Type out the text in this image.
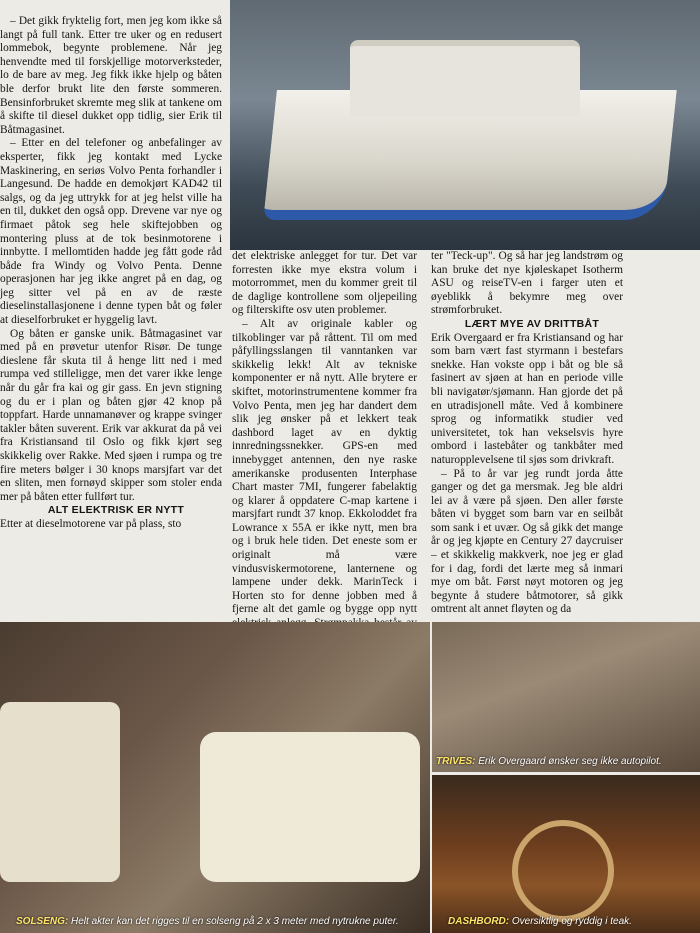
– Det gikk fryktelig fort, men jeg kom ikke så langt på full tank. Etter tre uker og en redusert lommebok, begynte problemene. Når jeg henvendte med til forskjellige motorverksteder, lo de bare av meg. Jeg fikk ikke hjelp og båten ble derfor brukt lite den første sommeren. Bensinforbruket skremte meg slik at tankene om å skifte til diesel dukket opp tidlig, sier Erik til Båtmagasinet.

– Etter en del telefoner og anbefalinger av eksperter, fikk jeg kontakt med Lycke Maskinering, en seriøs Volvo Penta forhandler i Langesund. De hadde en demokjørt KAD42 til salgs, og da jeg uttrykk for at jeg helst ville ha en til, dukket den også opp. Drevene var nye og firmaet påtok seg hele skiftejobben og montering pluss at de tok besinmotorene i innbytte. I mellomtiden hadde jeg fått gode råd både fra Windy og Volvo Penta. Denne operasjonen har jeg ikke angret på en dag, og jeg sitter vel på en av de ræste dieselinstallasjonene i denne typen båt og føler at dieselforbruket er hyggelig lavt.

Og båten er ganske unik. Båtmagasinet var med på en prøvetur utenfor Risør. De tunge dieslene får skuta til å henge litt ned i med rumpa ved stilleligge, men det varer ikke lenge når du går fra kai og gir gass. En jevn stigning og du er i plan og båten gjør 42 knop på toppfart. Harde unnamanøver og krappe svinger takler båten suverent. Erik var akkurat da på vei fra Kristiansand til Oslo og fikk kjørt seg skikkelig over Rakke. Med sjøen i rumpa og tre fire meters bølger i 30 knops marsjfart var det en sliten, men fornøyd skipper som stoler enda mer på båten etter fullført tur.

ALT ELEKTRISK ER NYTT

Etter at dieselmotorene var på plass, sto

det elektriske anlegget for tur. Det var forresten ikke mye ekstra volum i motorrommet, men du kommer greit til de daglige kontrollene som oljepeiling og filterskifte osv uten problemer.

– Alt av originale kabler og tilkoblinger var på råttent. Til om med påfyllingsslangen til vanntanken var skikkelig lekk! Alt av tekniske komponenter er nå nytt. Alle brytere er skiftet, motorinstrumentene kommer fra Volvo Penta, men jeg har dandert dem slik jeg ønsker på et lekkert teak dashbord laget av en dyktig innredningssnekker. GPS-en med innebygget antennen, den nye raske amerikanske produsenten Interphase Chart master 7MI, fungerer fabelaktig og klarer å oppdatere C-map kartene i marsjfart rundt 37 knop. Ekkoloddet fra Lowrance x 55A er ikke nytt, men bra og i bruk hele tiden. Det eneste som er originalt må være vindusviskermotorene, lanternene og lampene under dekk. MarinTeck i Horten sto for denne jobben med å fjerne alt det gamle og bygge opp nytt

ter "Teck-up". Og så har jeg landstrøm og kan bruke det nye kjøleskapet Isotherm ASU og reiseTV-en i farger uten et øyeblikk å bekymre meg over strømforbruket.

LÆRT MYE AV DRITTBÅT

Erik Overgaard er fra Kristiansand og har som barn vært fast styrmann i bestefars snekke. Han vokste opp i båt og ble så fasinert av sjøen at han en periode ville bli navigatør/sjømann. Han gjorde det på en utradisjonell måte. Ved å kombinere sprog og informatikk studier ved universitetet, tok han vekselsvis hyre ombord i lastebåter og tankbåter med naturopplevelsene til sjøs som drivkraft.

– På to år var jeg rundt jorda åtte ganger og det ga mersmak. Jeg ble aldri lei av å være på sjøen. Den aller første båten vi bygget som barn var en seilbåt som sank i et uvær. Og så gikk det mange år og jeg kjøpte en Century 27 daycruiser – et skikkelig makkverk, noe jeg er glad for i dag, fordi det lærte meg så inmari mye om båt. Først nøyt motoren og jeg begynte å studere båtmotorer, så gikk omtrent alt annet fløyten og da

SOLSENG: Helt akter kan det rigges til en solseng på 2 x 3 meter med nytrukne puter.
TRIVES: Erik Overgaard ønsker seg ikke autopilot.
DASHBORD: Oversiktlig og ryddig i teak.
